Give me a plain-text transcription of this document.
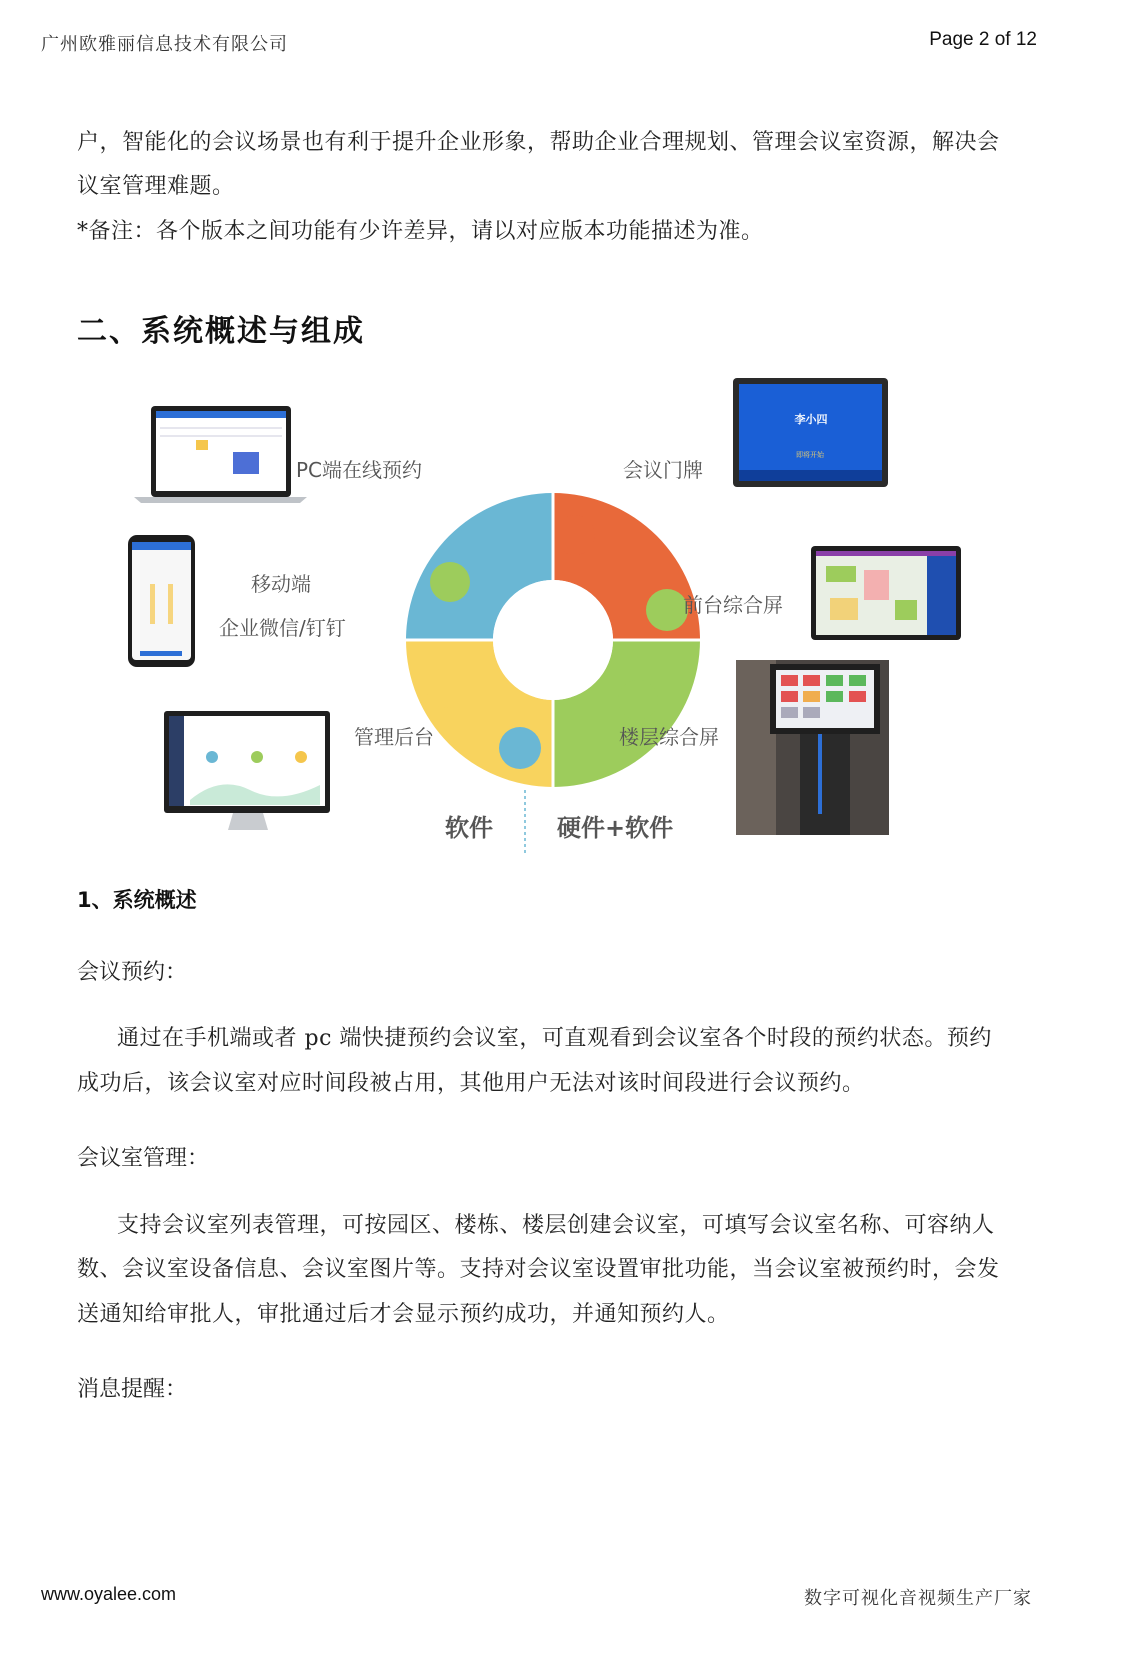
广州欧雅丽信息技术有限公司	Page 2 of 12
户，智能化的会议场景也有利于提升企业形象，帮助企业合理规划、管理会议室资源，解决会
议室管理难题。
*备注：各个版本之间功能有少许差异，请以对应版本功能描述为准。
二、系统概述与组成
李小四
即将开始
PC端在线预约
移动端
企业微信/钉钉
管理后台
会议门牌
前台综合屏
楼层综合屏
软件	硬件+软件
1、系统概述
会议预约：
通过在手机端或者 pc 端快捷预约会议室，可直观看到会议室各个时段的预约状态。预约
成功后，该会议室对应时间段被占用，其他用户无法对该时间段进行会议预约。
会议室管理：
支持会议室列表管理，可按园区、楼栋、楼层创建会议室，可填写会议室名称、可容纳人
数、会议室设备信息、会议室图片等。支持对会议室设置审批功能，当会议室被预约时，会发
送通知给审批人，审批通过后才会显示预约成功，并通知预约人。
消息提醒：
www.oyalee.com	数字可视化音视频生产厂家
